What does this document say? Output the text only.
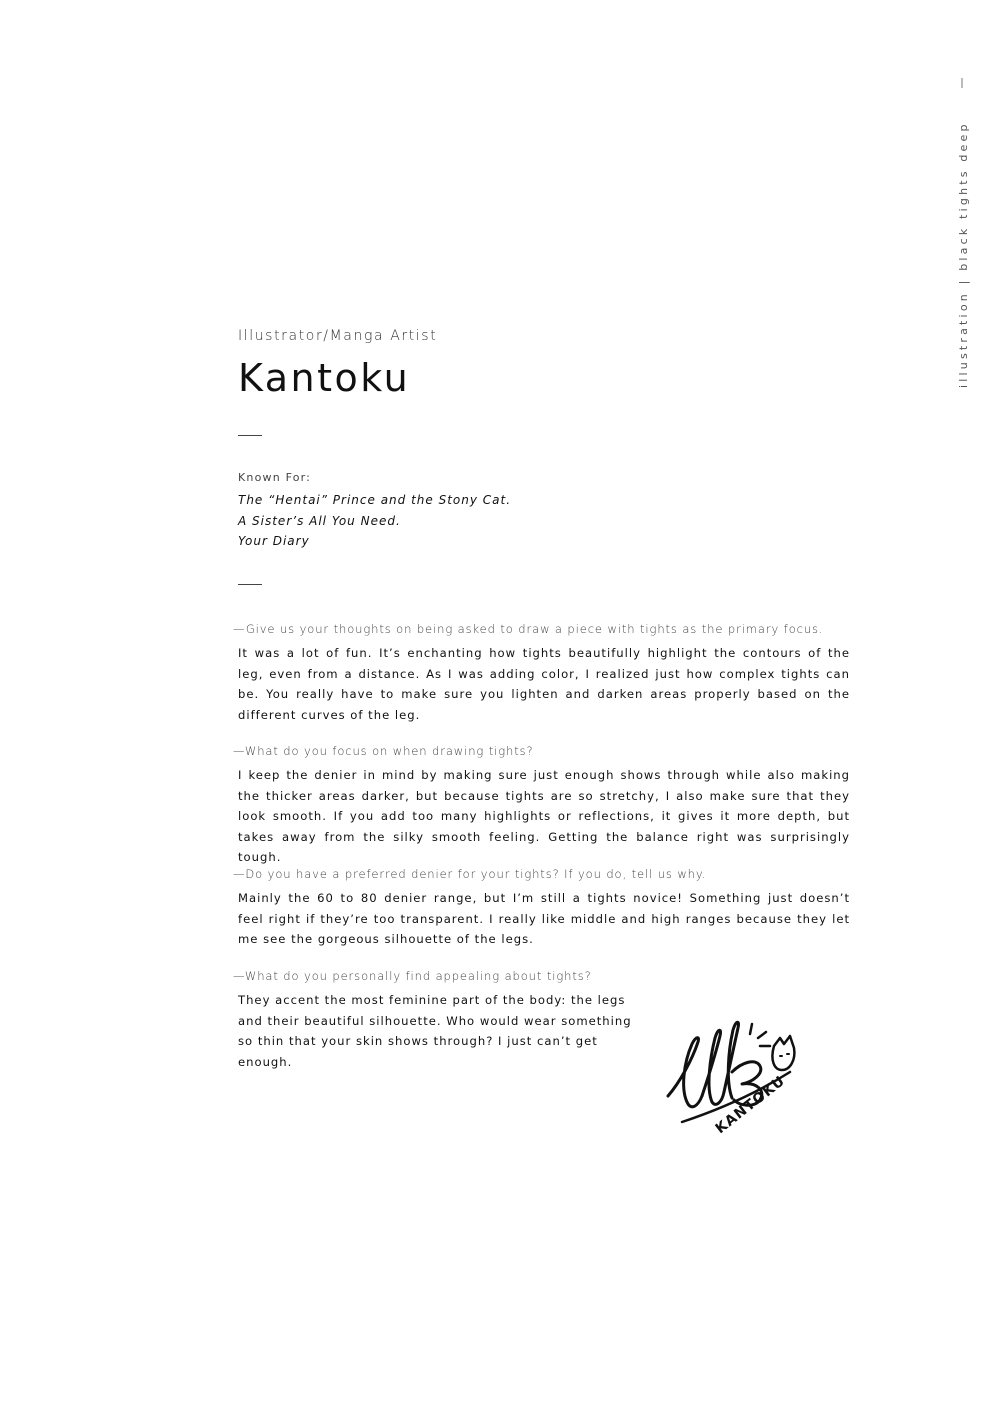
illustration | black tights deep

Illustrator/Manga Artist

Kantoku

Known For:

The “Hentai” Prince and the Stony Cat.
A Sister’s All You Need.
Your Diary

—Give us your thoughts on being asked to draw a piece with tights as the primary focus.

It was a lot of fun. It’s enchanting how tights beautifully highlight the contours of the leg, even from a distance. As I was adding color, I realized just how complex tights can be. You really have to make sure you lighten and darken areas properly based on the different curves of the leg.

—What do you focus on when drawing tights?

I keep the denier in mind by making sure just enough shows through while also making the thicker areas darker, but because tights are so stretchy, I also make sure that they look smooth. If you add too many highlights or reflections, it gives it more depth, but takes away from the silky smooth feeling. Getting the balance right was surprisingly tough.

—Do you have a preferred denier for your tights? If you do, tell us why.

Mainly the 60 to 80 denier range, but I’m still a tights novice! Something just doesn’t feel right if they’re too transparent. I really like middle and high ranges because they let me see the gorgeous silhouette of the legs.

—What do you personally find appealing about tights?

They accent the most feminine part of the body: the legs and their beautiful silhouette. Who would wear something so thin that your skin shows through? I just can’t get enough.

KANTOKU
